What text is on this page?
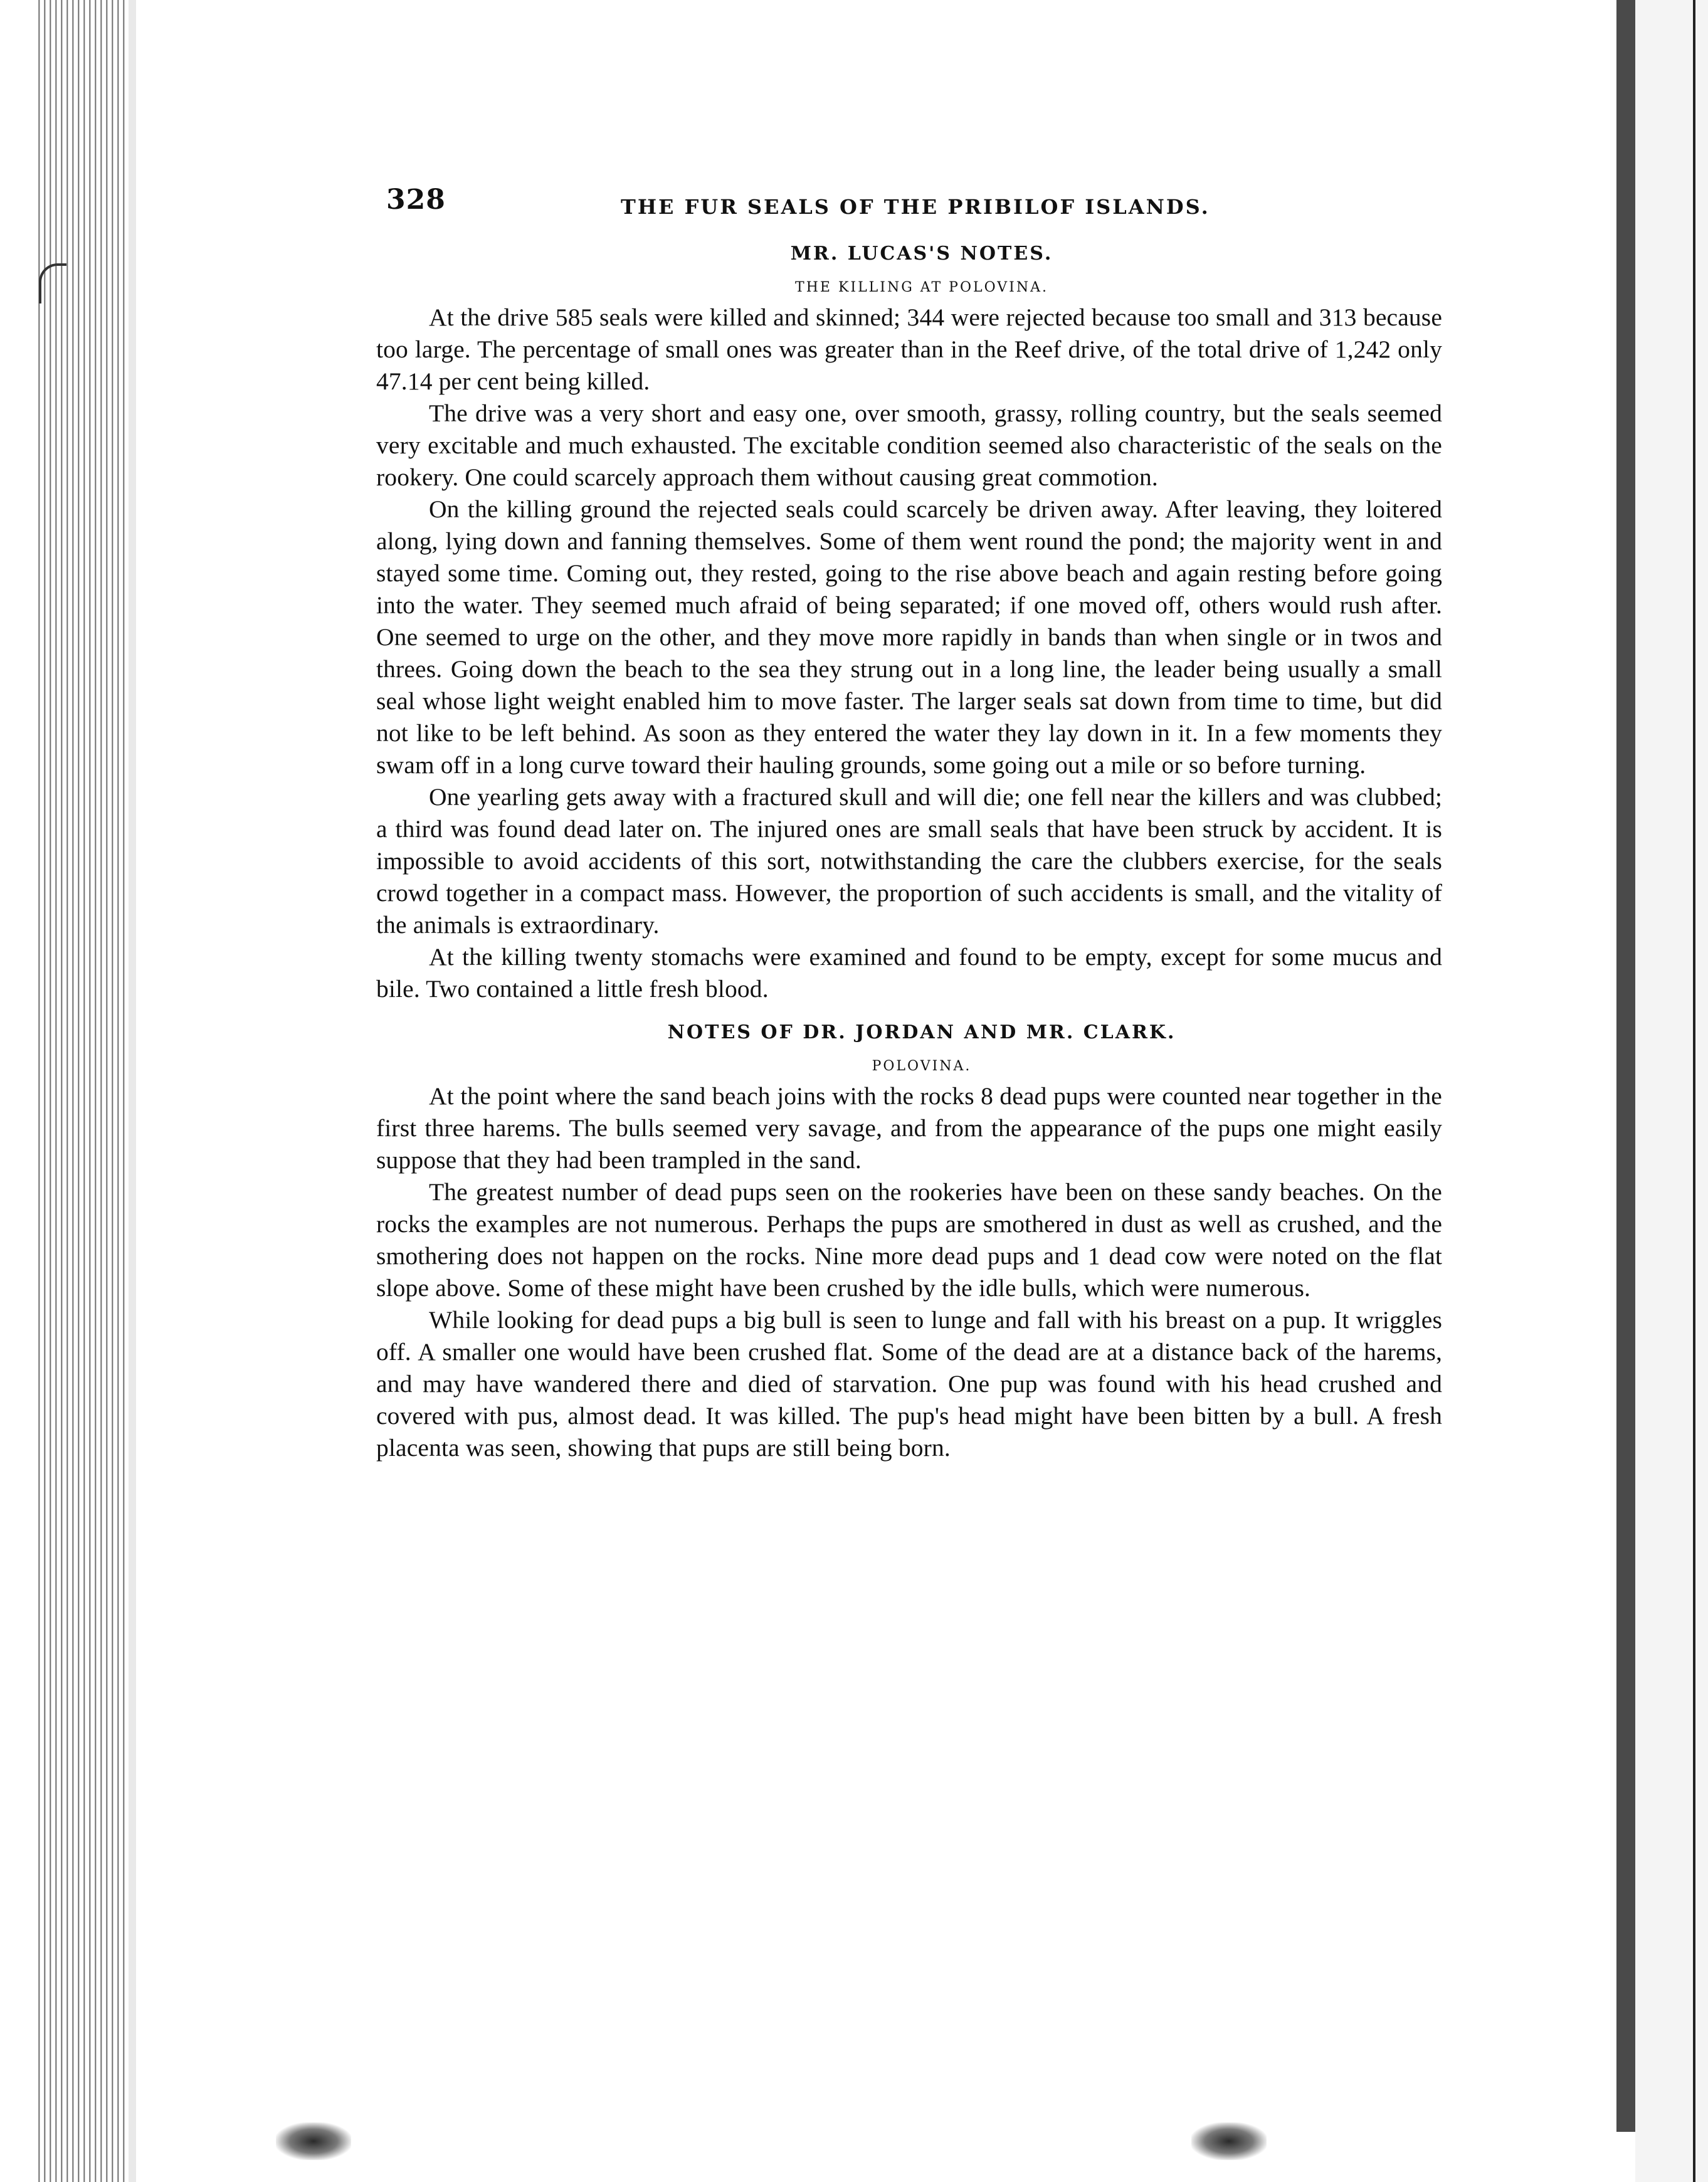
328	THE FUR SEALS OF THE PRIBILOF ISLANDS.
MR. LUCAS'S NOTES.
THE KILLING AT POLOVINA.

At the drive 585 seals were killed and skinned; 344 were rejected because too small and 313 because too large. The percentage of small ones was greater than in the Reef drive, of the total drive of 1,242 only 47.14 per cent being killed.

The drive was a very short and easy one, over smooth, grassy, rolling country, but the seals seemed very excitable and much exhausted. The excitable condition seemed also characteristic of the seals on the rookery. One could scarcely approach them without causing great commotion.

On the killing ground the rejected seals could scarcely be driven away. After leaving, they loitered along, lying down and fanning themselves. Some of them went round the pond; the majority went in and stayed some time. Coming out, they rested, going to the rise above beach and again resting before going into the water. They seemed much afraid of being separated; if one moved off, others would rush after. One seemed to urge on the other, and they move more rapidly in bands than when single or in twos and threes. Going down the beach to the sea they strung out in a long line, the leader being usually a small seal whose light weight enabled him to move faster. The larger seals sat down from time to time, but did not like to be left behind. As soon as they entered the water they lay down in it. In a few moments they swam off in a long curve toward their hauling grounds, some going out a mile or so before turning.

One yearling gets away with a fractured skull and will die; one fell near the killers and was clubbed; a third was found dead later on. The injured ones are small seals that have been struck by accident. It is impossible to avoid accidents of this sort, notwithstanding the care the clubbers exercise, for the seals crowd together in a compact mass. However, the proportion of such accidents is small, and the vitality of the animals is extraordinary.

At the killing twenty stomachs were examined and found to be empty, except for some mucus and bile. Two contained a little fresh blood.

NOTES OF DR. JORDAN AND MR. CLARK.
POLOVINA.

At the point where the sand beach joins with the rocks 8 dead pups were counted near together in the first three harems. The bulls seemed very savage, and from the appearance of the pups one might easily suppose that they had been trampled in the sand.

The greatest number of dead pups seen on the rookeries have been on these sandy beaches. On the rocks the examples are not numerous. Perhaps the pups are smothered in dust as well as crushed, and the smothering does not happen on the rocks. Nine more dead pups and 1 dead cow were noted on the flat slope above. Some of these might have been crushed by the idle bulls, which were numerous.

While looking for dead pups a big bull is seen to lunge and fall with his breast on a pup. It wriggles off. A smaller one would have been crushed flat. Some of the dead are at a distance back of the harems, and may have wandered there and died of starvation. One pup was found with his head crushed and covered with pus, almost dead. It was killed. The pup's head might have been bitten by a bull. A fresh placenta was seen, showing that pups are still being born.
